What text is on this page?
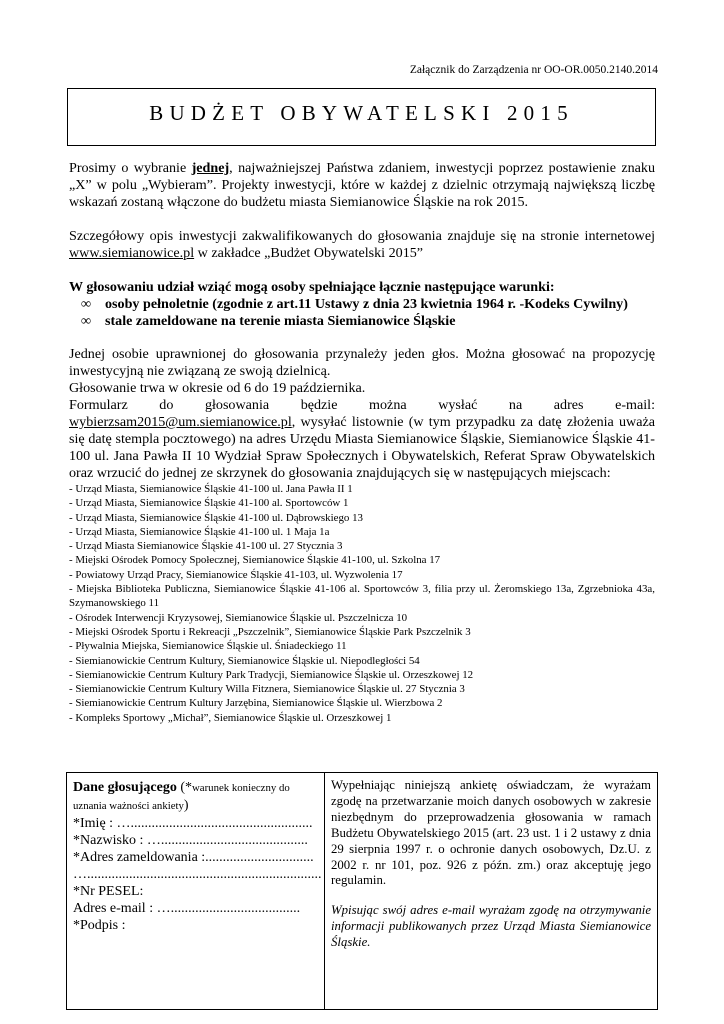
Załącznik do Zarządzenia nr OO-OR.0050.2140.2014
BUDŻET OBYWATELSKI 2015

Prosimy o wybranie jednej, najważniejszej Państwa zdaniem, inwestycji poprzez postawienie znaku „X” w polu „Wybieram”. Projekty inwestycji, które w każdej z dzielnic otrzymają największą liczbę wskazań zostaną włączone do budżetu miasta Siemianowice Śląskie na rok 2015.

Szczegółowy opis inwestycji zakwalifikowanych do głosowania znajduje się na stronie internetowej www.siemianowice.pl w zakładce „Budżet Obywatelski 2015”

W głosowaniu udział wziąć mogą osoby spełniające łącznie następujące warunki:

∞ osoby pełnoletnie (zgodnie z art.11 Ustawy z dnia 23 kwietnia 1964 r. -Kodeks Cywilny)
∞ stale zameldowane na terenie miasta Siemianowice Śląskie

Jednej osobie uprawnionej do głosowania przynależy jeden głos. Można głosować na propozycję

inwestycyjną nie związaną ze swoją dzielnicą.

Głosowanie trwa w okresie od 6 do 19 października.

Formularz do głosowania będzie można wysłać na adres e-mail:

wybierzsam2015@um.siemianowice.pl, wysyłać listownie (w tym przypadku za datę złożenia uważa się datę stempla pocztowego) na adres Urzędu Miasta Siemianowice Śląskie, Siemianowice Śląskie 41-100 ul. Jana Pawła II 10 Wydział Spraw Społecznych i Obywatelskich, Referat Spraw Obywatelskich oraz wrzucić do jednej ze skrzynek do głosowania znajdujących się w następujących miejscach:

- Urząd Miasta, Siemianowice Śląskie 41-100 ul. Jana Pawła II 1
- Urząd Miasta, Siemianowice Śląskie 41-100 al. Sportowców 1
- Urząd Miasta, Siemianowice Śląskie 41-100 ul. Dąbrowskiego 13
- Urząd Miasta, Siemianowice Śląskie 41-100 ul. 1 Maja 1a
- Urząd Miasta Siemianowice Śląskie 41-100 ul. 27 Stycznia 3
- Miejski Ośrodek Pomocy Społecznej, Siemianowice Śląskie 41-100, ul. Szkolna 17
- Powiatowy Urząd Pracy, Siemianowice Śląskie 41-103, ul. Wyzwolenia 17
- Miejska Biblioteka Publiczna, Siemianowice Śląskie 41-106 al. Sportowców 3, filia przy ul. Żeromskiego 13a, Zgrzebnioka 43a, Szymanowskiego 11
- Ośrodek Interwencji Kryzysowej, Siemianowice Śląskie ul. Pszczelnicza 10
- Miejski Ośrodek Sportu i Rekreacji „Pszczelnik”, Siemianowice Śląskie Park Pszczelnik 3
- Pływalnia Miejska, Siemianowice Śląskie ul. Śniadeckiego 11
- Siemianowickie Centrum Kultury, Siemianowice Śląskie ul. Niepodległości 54
- Siemianowickie Centrum Kultury Park Tradycji, Siemianowice Śląskie ul. Orzeszkowej 12
- Siemianowickie Centrum Kultury Willa Fitznera, Siemianowice Śląskie ul. 27 Stycznia 3
- Siemianowickie Centrum Kultury Jarzębina, Siemianowice Śląskie ul. Wierzbowa 2
- Kompleks Sportowy „Michał”, Siemianowice Śląskie ul. Orzeszkowej 1
Dane głosującego (*warunek konieczny do uznania ważności ankiety)
*Imię : …....................................................
*Nazwisko : …..........................................
*Adres zameldowania :...............................
…...................................................................
*Nr PESEL:
Adres e-mail : ….....................................
*Podpis :

Wypełniając niniejszą ankietę oświadczam, że wyrażam zgodę na przetwarzanie moich danych osobowych w zakresie niezbędnym do przeprowadzenia głosowania w ramach Budżetu Obywatelskiego 2015 (art. 23 ust. 1 i 2 ustawy z dnia 29 sierpnia 1997 r. o ochronie danych osobowych, Dz.U. z 2002 r. nr 101, poz. 926 z późn. zm.) oraz akceptuję jego regulamin.

Wpisując swój adres e-mail wyrażam zgodę na otrzymywanie informacji publikowanych przez Urząd Miasta Siemianowice Śląskie.
